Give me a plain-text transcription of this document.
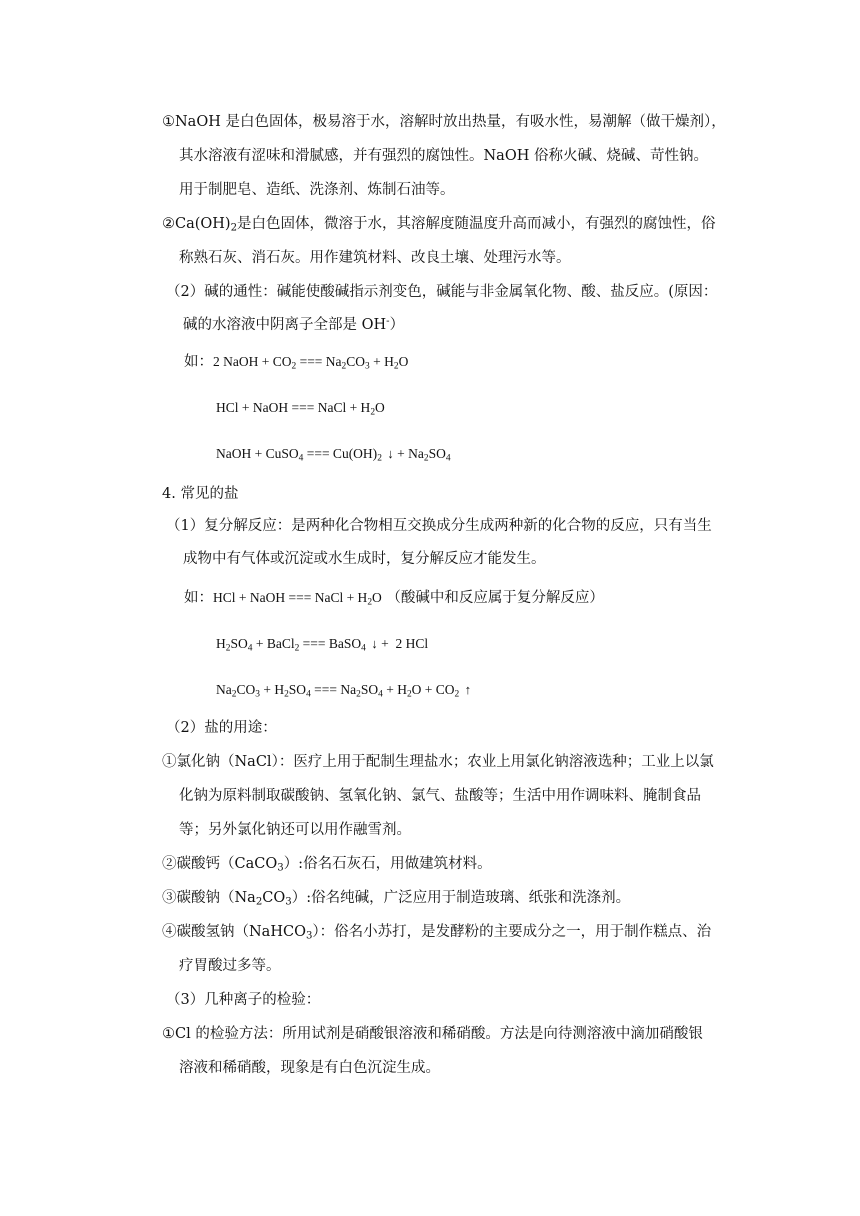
①NaOH 是白色固体，极易溶于水，溶解时放出热量，有吸水性，易潮解（做干燥剂），
其水溶液有涩味和滑腻感，并有强烈的腐蚀性。NaOH 俗称火碱、烧碱、苛性钠。
用于制肥皂、造纸、洗涤剂、炼制石油等。
$②Ca(OH)_2$是白色固体，微溶于水，其溶解度随温度升高而减小，有强烈的腐蚀性，俗
称熟石灰、消石灰。用作建筑材料、改良土壤、处理污水等。
（2）碱的通性：碱能使酸碱指示剂变色，碱能与非金属氧化物、酸、盐反应。(原因：
碱的水溶液中阴离子全部是 OH-）
如：2 NaOH + $CO_2$ === $Na_2CO_3 + H_2O$
HCl + NaOH === NaCl + $H_2O$
NaOH + CuSO$_4$ === $Cu(OH)_2$ ↓ + $Na_2SO_4$
4. 常见的盐
（1）复分解反应：是两种化合物相互交换成分生成两种新的化合物的反应，只有当生
成物中有气体或沉淀或水生成时，复分解反应才能发生。
如：HCl + NaOH === NaCl + $H_2O$ （酸碱中和反应属于复分解反应）
$H_2SO_4$ + BaCl$_2$ === BaSO$_4$ ↓ +  2 HCl
$Na_2CO_3 + H_2SO_4$ === $Na_2SO_4 + H_2O + CO_2$ ↑
（2）盐的用途：
①氯化钠（NaCl）：医疗上用于配制生理盐水；农业上用氯化钠溶液选种；工业上以氯
化钠为原料制取碳酸钠、氢氧化钠、氯气、盐酸等；生活中用作调味料、腌制食品
等；另外氯化钠还可以用作融雪剂。
②碳酸钙（CaCO$_3$）:俗名石灰石，用做建筑材料。
③碳酸钠$(Na_2CO_3)$:俗名纯碱，广泛应用于制造玻璃、纸张和洗涤剂。
④碳酸氢钠（NaHCO$_3$）：俗名小苏打，是发酵粉的主要成分之一，用于制作糕点、治
疗胃酸过多等。
（3）几种离子的检验：
①Cl 的检验方法：所用试剂是硝酸银溶液和稀硝酸。方法是向待测溶液中滴加硝酸银
溶液和稀硝酸，现象是有白色沉淀生成。
